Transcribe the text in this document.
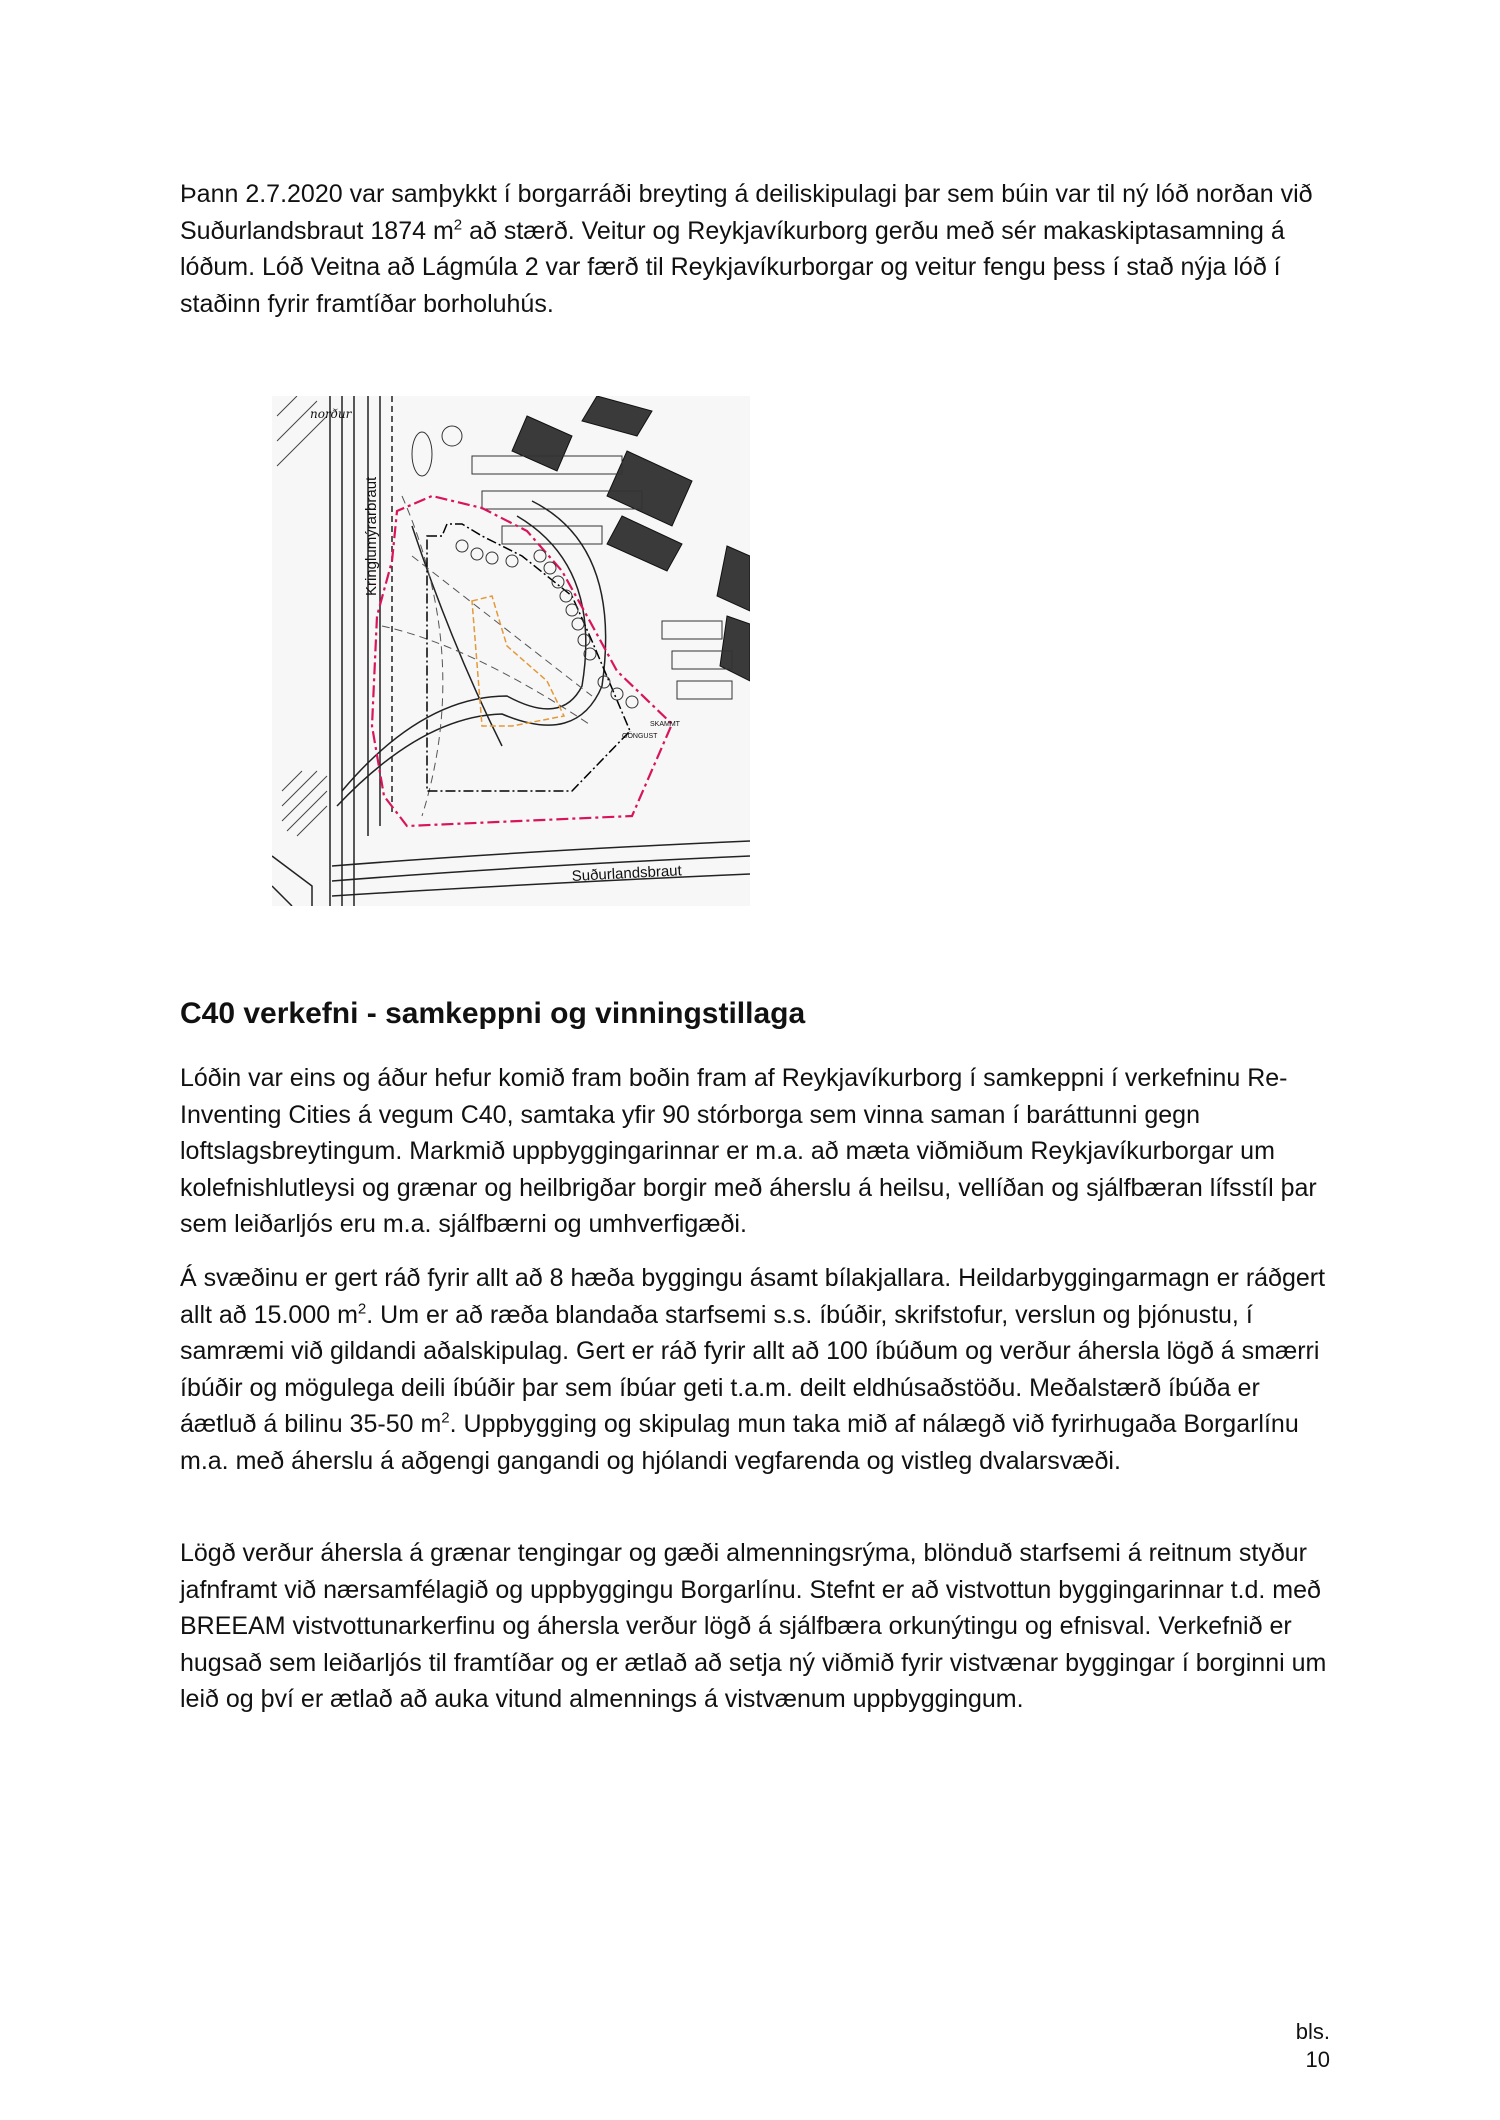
Þann 2.7.2020 var samþykkt í borgarráði breyting á deiliskipulagi þar sem búin var til ný lóð norðan við Suðurlandsbraut 1874 $m^2$ að stærð. Veitur og Reykjavíkurborg gerðu með sér makaskiptasamning á lóðum. Lóð Veitna að Lágmúla 2 var færð til Reykjavíkurborgar og veitur fengu þess í stað nýja lóð í staðinn fyrir framtíðar borholuhús.

Kringlumýrarbraut
Suðurlandsbraut
norður
SKAMMT
GÖNGUST
C40 verkefni - samkeppni og vinningstillaga

Lóðin var eins og áður hefur komið fram boðin fram af Reykjavíkurborg í samkeppni í verkefninu Re-Inventing Cities á vegum C40, samtaka yfir 90 stórborga sem vinna saman í baráttunni gegn loftslagsbreytingum. Markmið uppbyggingarinnar er m.a. að mæta viðmiðum Reykjavíkurborgar um kolefnishlutleysi og grænar og heilbrigðar borgir með áherslu á heilsu, vellíðan og sjálfbæran lífsstíl þar sem leiðarljós eru m.a. sjálfbærni og umhverfigæði.

Á svæðinu er gert ráð fyrir allt að 8 hæða byggingu ásamt bílakjallara. Heildarbyggingarmagn er ráðgert allt að 15.000 $m^2$. Um er að ræða blandaða starfsemi s.s. íbúðir, skrifstofur, verslun og þjónustu, í samræmi við gildandi aðalskipulag. Gert er ráð fyrir allt að 100 íbúðum og verður áhersla lögð á smærri íbúðir og mögulega deili íbúðir þar sem íbúar geti t.a.m. deilt eldhúsaðstöðu. Meðalstærð íbúða er áætluð á bilinu 35-50 $m^2$. Uppbygging og skipulag mun taka mið af nálægð við fyrirhugaða Borgarlínu m.a. með áherslu á aðgengi gangandi og hjólandi vegfarenda og vistleg dvalarsvæði.

Lögð verður áhersla á grænar tengingar og gæði almenningsrýma, blönduð starfsemi á reitnum styður jafnframt við nærsamfélagið og uppbyggingu Borgarlínu. Stefnt er að vistvottun byggingarinnar t.d. með BREEAM vistvottunarkerfinu og áhersla verður lögð á sjálfbæra orkunýtingu og efnisval. Verkefnið er hugsað sem leiðarljós til framtíðar og er ætlað að setja ný viðmið fyrir vistvænar byggingar í borginni um leið og því er ætlað að auka vitund almennings á vistvænum uppbyggingum.

bls. 10
